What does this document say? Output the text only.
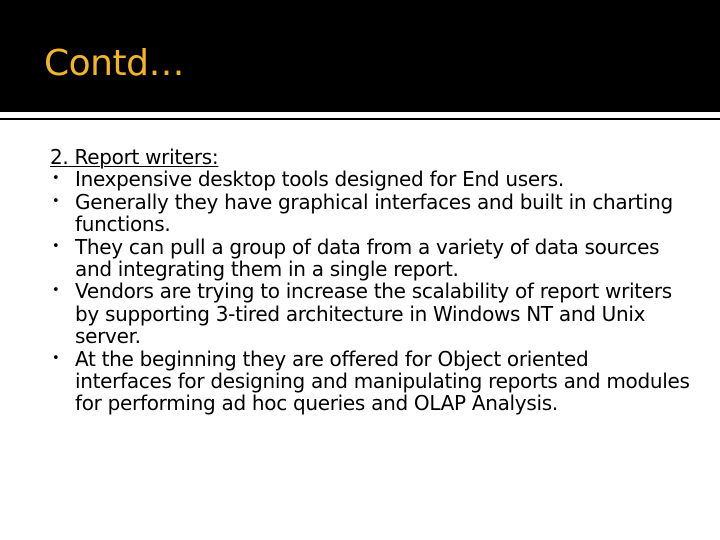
Contd…

2. Report writers:

• Inexpensive desktop tools designed for End users.
• Generally they have graphical interfaces and built in charting functions.
• They can pull a group of data from a variety of data sources and integrating them in a single report.
• Vendors are trying to increase the scalability of report writers by supporting 3-tired architecture in Windows NT and Unix server.
• At the beginning they are offered for Object oriented interfaces for designing and manipulating reports and modules for performing ad hoc queries and OLAP Analysis.
